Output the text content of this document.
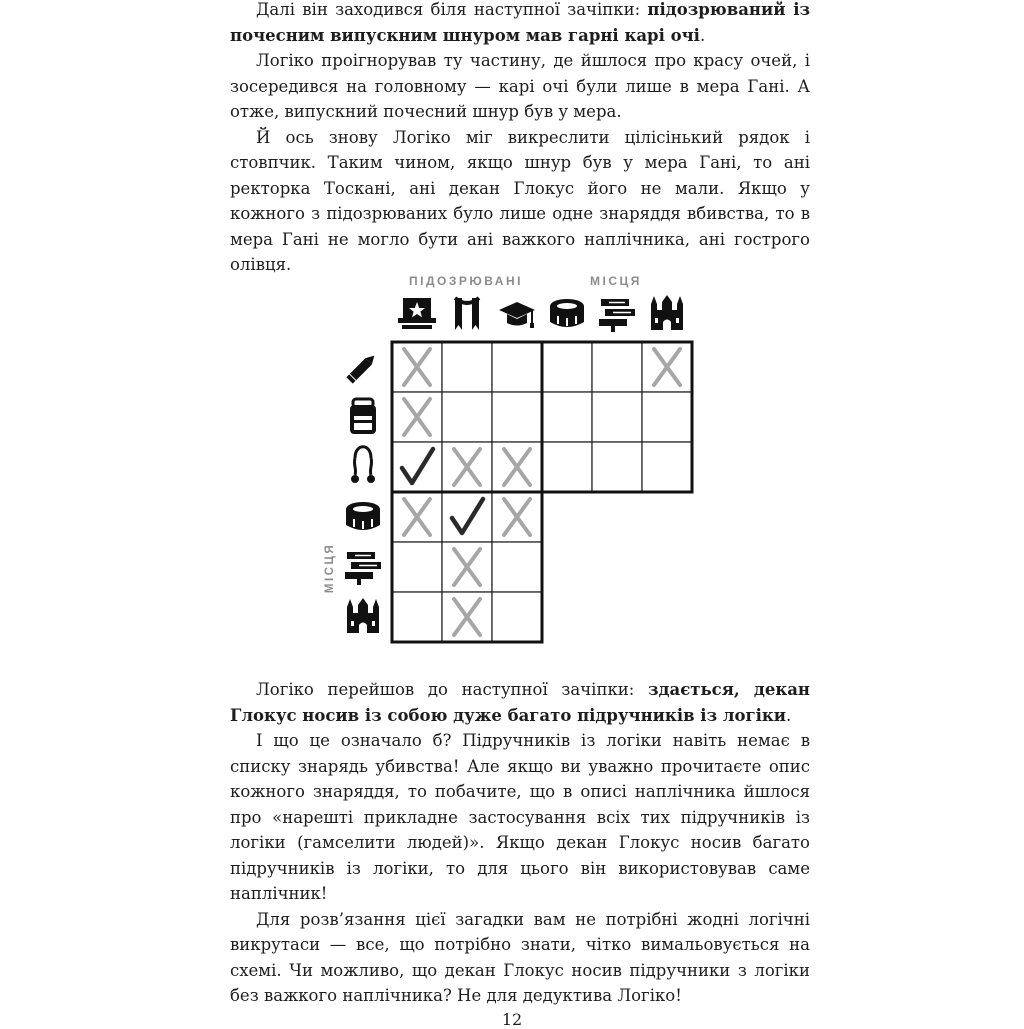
Далі він заходився біля наступної зачіпки: підозрюваний із почесним випускним шнуром мав гарні карі очі.

Логіко проігнорував ту частину, де йшлося про красу очей, і зосередився на головному — карі очі були лише в мера Гані. А отже, випускний почесний шнур був у мера.

Й ось знову Логіко міг викреслити цілісінький рядок і стовпчик. Таким чином, якщо шнур був у мера Гані, то ані ректорка Тоскані, ані декан Глокус його не мали. Якщо у кожного з підозрюваних було лише одне знаряддя вбивства, то в мера Гані не могло бути ані важкого наплічника, ані гострого олівця.

ПІДОЗРЮВАНІ	МІСЦЯ
МІСЦЯ

Логіко перейшов до наступної зачіпки: здається, декан Глокус носив із собою дуже багато підручників із логіки.

І що це означало б? Підручників із логіки навіть немає в списку знарядь убивства! Але якщо ви уважно прочитаєте опис кожного знаряддя, то побачите, що в описі наплічника йшлося про «нарешті прикладне застосування всіх тих підручників із логіки (гамселити людей)». Якщо декан Глокус носив багато підручників із логіки, то для цього він використовував саме наплічник!

Для розв’язання цієї загадки вам не потрібні жодні логічні викрутаси — все, що потрібно знати, чітко вимальовується на схемі. Чи можливо, що декан Глокус носив підручники з логіки без важкого наплічника? Не для дедуктива Логіко!

12
